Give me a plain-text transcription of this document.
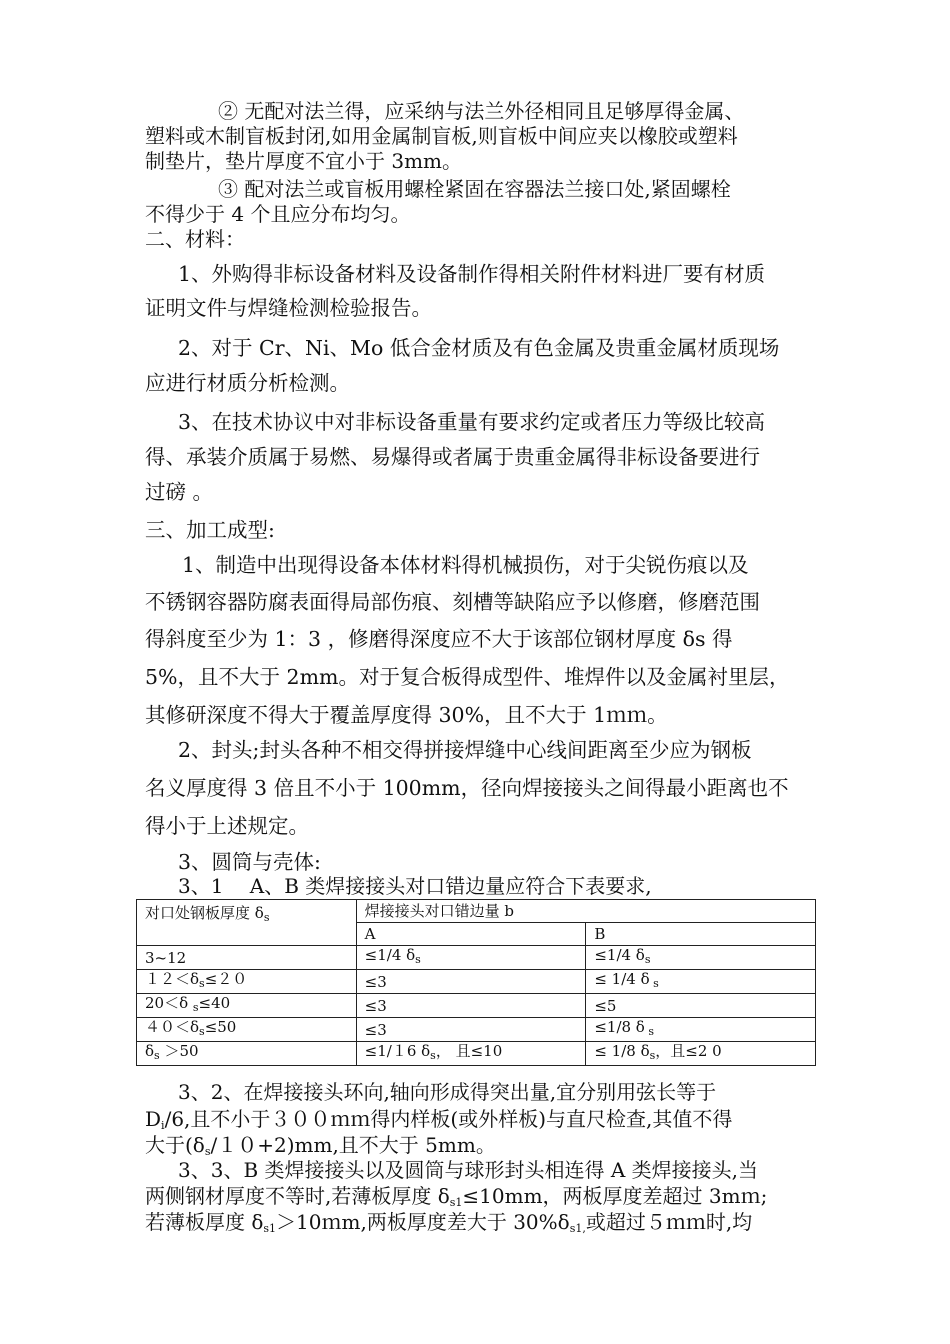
② 无配对法兰得，应采纳与法兰外径相同且足够厚得金属、
塑料或木制盲板封闭,如用金属制盲板,则盲板中间应夹以橡胶或塑料
制垫片，垫片厚度不宜小于 3mm。
③ 配对法兰或盲板用螺栓紧固在容器法兰接口处,紧固螺栓
不得少于 4 个且应分布均匀。
二、材料：
1、外购得非标设备材料及设备制作得相关附件材料进厂要有材质
证明文件与焊缝检测检验报告。
2、对于 Cr、Ni、Mo 低合金材质及有色金属及贵重金属材质现场
应进行材质分析检测。
3、在技术协议中对非标设备重量有要求约定或者压力等级比较高
得、承装介质属于易燃、易爆得或者属于贵重金属得非标设备要进行
过磅 。
三、加工成型:
1、制造中出现得设备本体材料得机械损伤，对于尖锐伤痕以及
不锈钢容器防腐表面得局部伤痕、刻槽等缺陷应予以修磨，修磨范围
得斜度至少为 1：3 ，修磨得深度应不大于该部位钢材厚度 δs 得
5%，且不大于 2mm。对于复合板得成型件、堆焊件以及金属衬里层，
其修研深度不得大于覆盖厚度得 30%，且不大于 1ｍｍ。
2、封头;封头各种不相交得拼接焊缝中心线间距离至少应为钢板
名义厚度得 3 倍且不小于 100mm，径向焊接接头之间得最小距离也不
得小于上述规定。
3、圆筒与壳体:
3、1　 A、B 类焊接接头对口错边量应符合下表要求,
对口处钢板厚度 $\delta_s$	焊接接头对口错边量 b	
	A	B
3~12	≤1/4 $\delta_s$	≤1/4 $\delta_s$
$12<\delta_s\le 20$	≤3	≤ 1/4 δ $_s$
20＜δ $_s$≤40	≤3	≤5
$40<\delta_s\le 50$	≤3	≤1/8 δ $_s$
$\delta_s >50$	≤1/１6 $\delta_s$， 且≤10	≤ 1/8 $\delta_s$，且≤2 0
3、2、在焊接接头环向,轴向形成得突出量,宜分别用弦长等于
$D_i/6$,且不小于３００ｍｍ得内样板(或外样板)与直尺检查,其值不得
大于$(\delta_s/10+2)mm$,且不大于 5mm。
3、3、B 类焊接接头以及圆筒与球形封头相连得 A 类焊接接头,当
两侧钢材厚度不等时,若薄板厚度 $\delta_{s1}\le 10mm$，两板厚度差超过 3mｍ;
若薄板厚度 $\delta_{s1}>10mm$,两板厚度差大于 $30\%\delta_{s1,}$或超过５ｍｍ时,均
